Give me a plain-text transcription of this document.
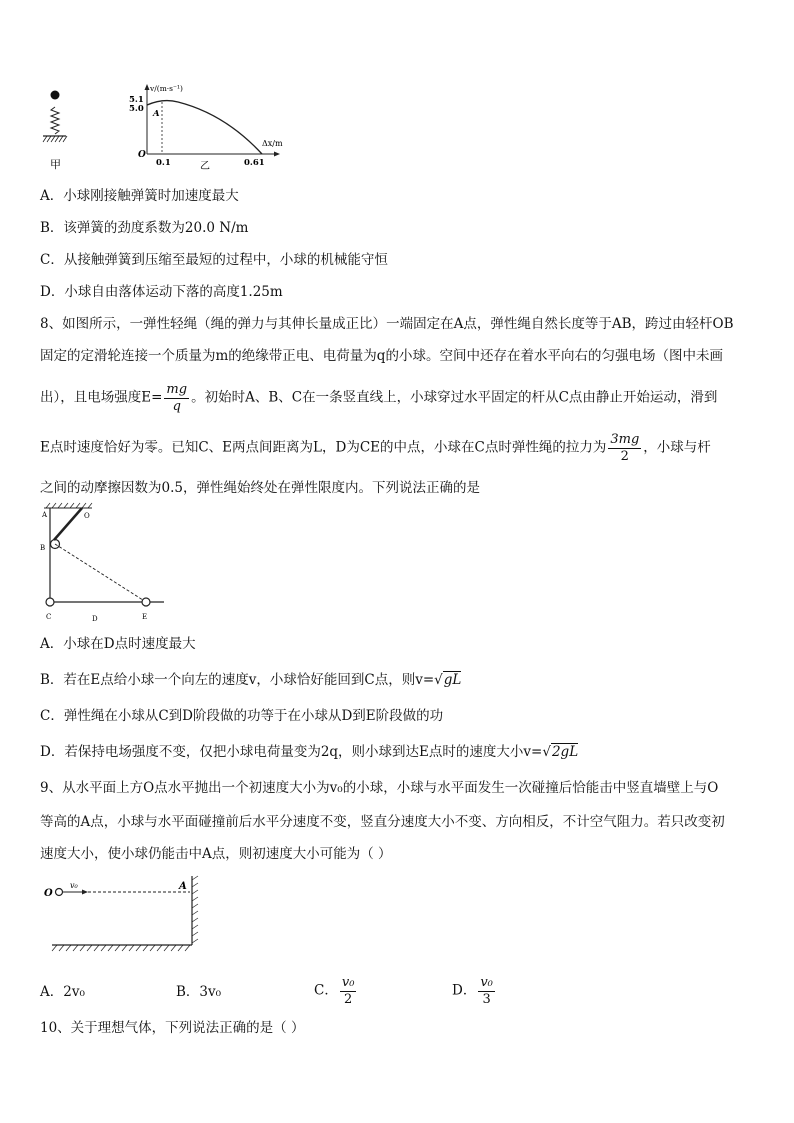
甲
v/(m·s⁻¹)
5.1
5.0 A
O
Δx/m
0.1	乙	0.61
A．小球刚接触弹簧时加速度最大
B．该弹簧的劲度系数为20.0 N/m
C．从接触弹簧到压缩至最短的过程中，小球的机械能守恒
D．小球自由落体运动下落的高度1.25m
8、如图所示，一弹性轻绳（绳的弹力与其伸长量成正比）一端固定在A点，弹性绳自然长度等于AB，跨过由轻杆OB
固定的定滑轮连接一个质量为m的绝缘带正电、电荷量为q的小球。空间中还存在着水平向右的匀强电场（图中未画
出），且电场强度$E= \frac{mg}{q}$ 。初始时A、B、C在一条竖直线上，小球穿过水平固定的杆从C点由静止开始运动，滑到
E点时速度恰好为零。已知C、E两点间距离为L，D为CE的中点，小球在C点时弹性绳的拉力为 $\frac{3mg}{2}$ ，小球与杆
之间的动摩擦因数为0.5，弹性绳始终处在弹性限度内。下列说法正确的是
A	O
B
C	D	E
A．小球在D点时速度最大
B．若在E点给小球一个向左的速度v，小球恰好能回到C点，则v=√gL
C．弹性绳在小球从C到D阶段做的功等于在小球从D到E阶段做的功
D．若保持电场强度不变，仅把小球电荷量变为2q，则小球到达E点时的速度大小v=√2gL
9、从水平面上方O点水平抛出一个初速度大小为v₀的小球，小球与水平面发生一次碰撞后恰能击中竖直墙壁上与O
等高的A点，小球与水平面碰撞前后水平分速度不变，竖直分速度大小不变、方向相反，不计空气阻力。若只改变初
速度大小，使小球仍能击中A点，则初速度大小可能为（ ）
O
v₀	A
A．2v₀	B．3v₀	C． $\frac{\text{v₀}}{2}$	D． $\frac{\text{v₀}}{3}$
10、关于理想气体，下列说法正确的是（ ）
